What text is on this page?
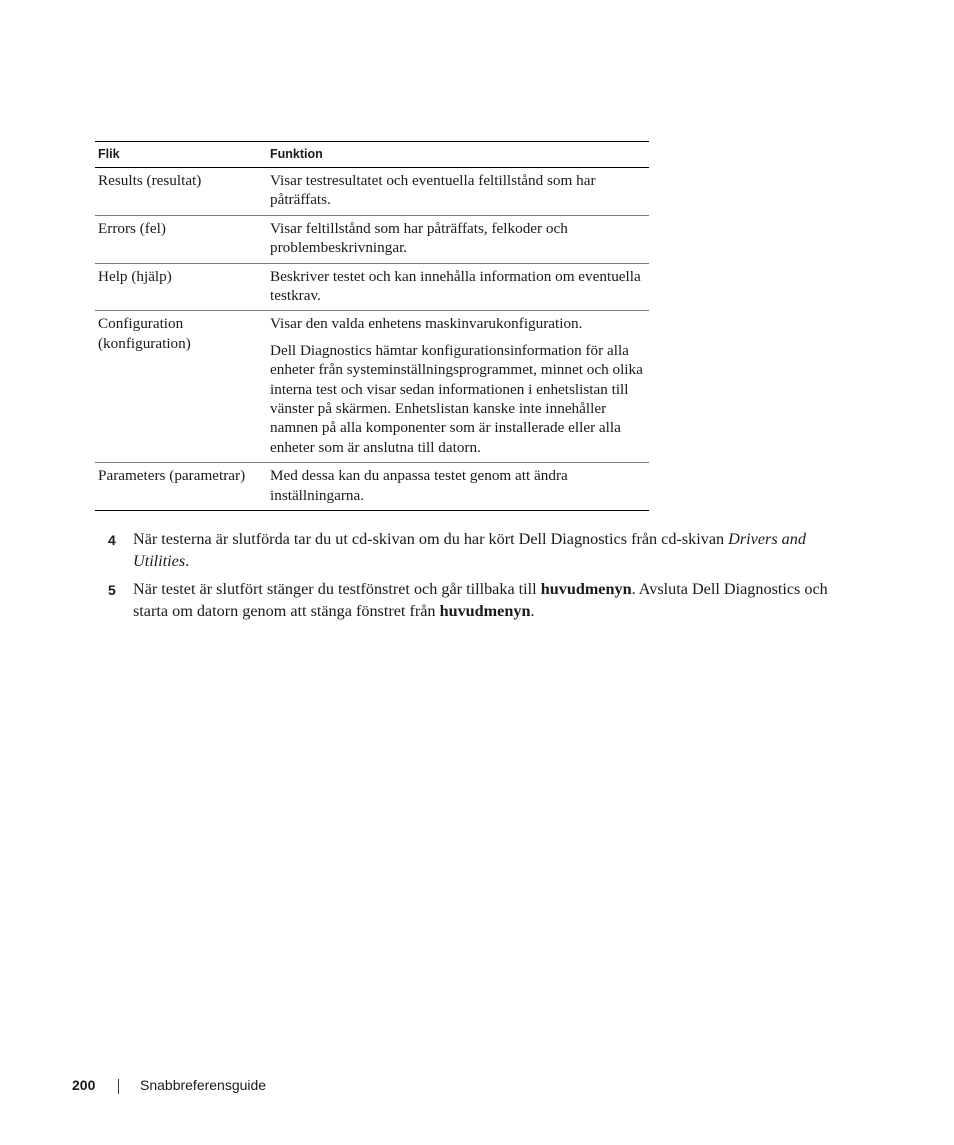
Flik	Funktion
Results (resultat)	Visar testresultatet och eventuella feltillstånd som har påträffats.

Errors (fel)	Visar feltillstånd som har påträffats, felkoder och problembeskrivningar.

Help (hjälp)	Beskriver testet och kan innehålla information om eventuella testkrav.

Configuration (konfiguration)	Visar den valda enhetens maskinvarukonfiguration.

Dell Diagnostics hämtar konfigurationsinformation för alla enheter från systeminställningsprogrammet, minnet och olika interna test och visar sedan informationen i enhetslistan till vänster på skärmen. Enhetslistan kanske inte innehåller namnen på alla komponenter som är installerade eller alla enheter som är anslutna till datorn.

Parameters (parametrar)	Med dessa kan du anpassa testet genom att ändra inställningarna.

4 När testerna är slutförda tar du ut cd-skivan om du har kört Dell Diagnostics från cd-skivan Drivers and Utilities.
5 När testet är slutfört stänger du testfönstret och går tillbaka till huvudmenyn. Avsluta Dell Diagnostics och starta om datorn genom att stänga fönstret från huvudmenyn.
200	Snabbreferensguide
